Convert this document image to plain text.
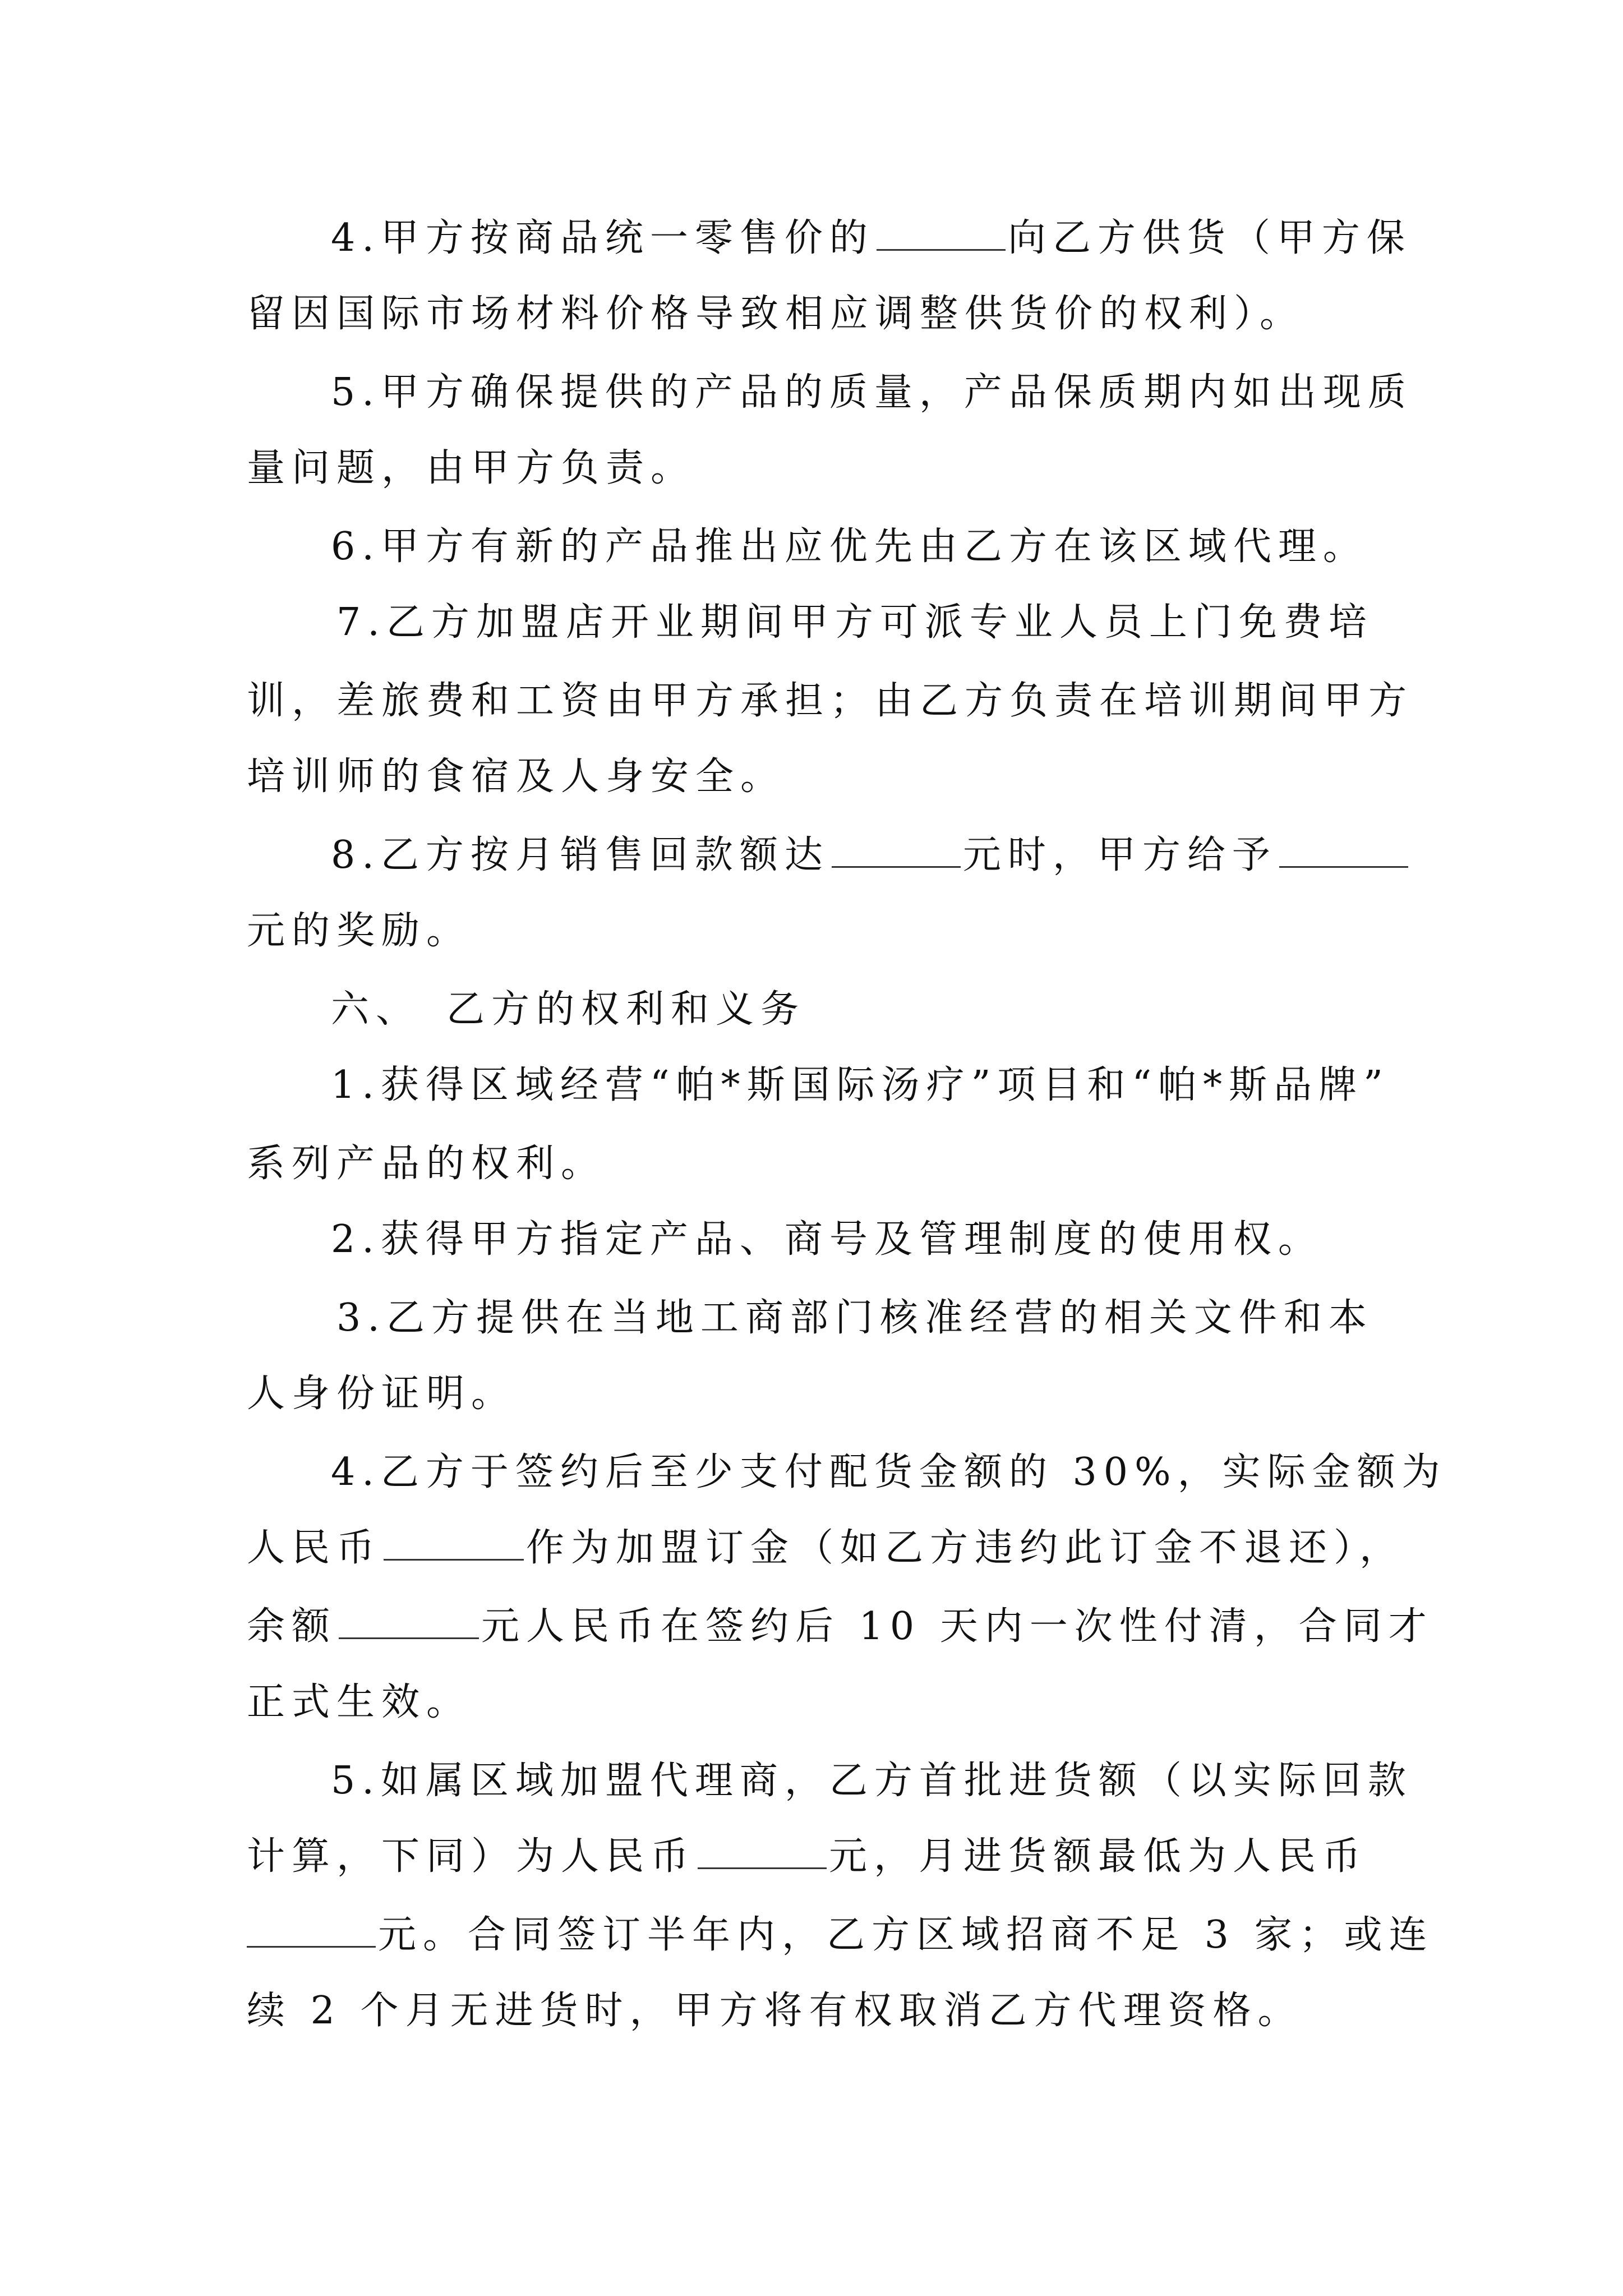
4.甲方按商品统一零售价的	向乙方供货（甲方保
留因国际市场材料价格导致相应调整供货价的权利）。
5.甲方确保提供的产品的质量，产品保质期内如出现质
量问题，由甲方负责。
6.甲方有新的产品推出应优先由乙方在该区域代理。
7.乙方加盟店开业期间甲方可派专业人员上门免费培
训，差旅费和工资由甲方承担；由乙方负责在培训期间甲方
培训师的食宿及人身安全。
8.乙方按月销售回款额达	元时，甲方给予
元的奖励。
六、　乙方的权利和义务
1.获得区域经营“帕*斯国际汤疗”项目和“帕*斯品牌”
系列产品的权利。
2.获得甲方指定产品、商号及管理制度的使用权。
3.乙方提供在当地工商部门核准经营的相关文件和本
人身份证明。
4.乙方于签约后至少支付配货金额的 30%，实际金额为
人民币	作为加盟订金（如乙方违约此订金不退还），
余额	元人民币在签约后 10 天内一次性付清，合同才
正式生效。
5.如属区域加盟代理商，乙方首批进货额（以实际回款
计算，下同）为人民币	元，月进货额最低为人民币
元。合同签订半年内，乙方区域招商不足 3 家；或连
续 2 个月无进货时，甲方将有权取消乙方代理资格。
